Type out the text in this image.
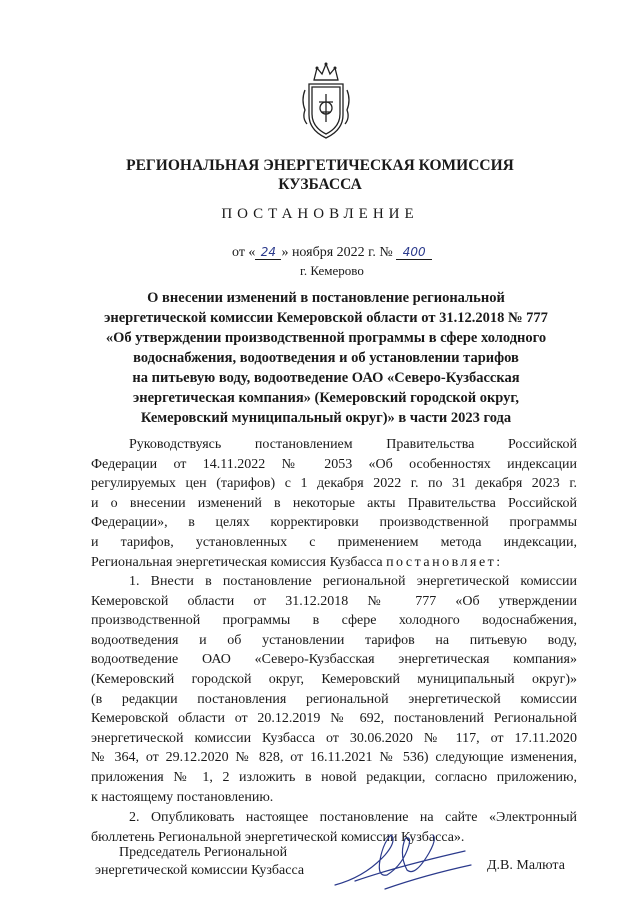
РЕГИОНАЛЬНАЯ ЭНЕРГЕТИЧЕСКАЯ КОМИССИЯ
КУЗБАССА
ПОСТАНОВЛЕНИЕ
от « 24 » ноября 2022 г. № 400
г. Кемерово
О внесении изменений в постановление региональной
энергетической комиссии Кемеровской области от 31.12.2018 № 777
«Об утверждении производственной программы в сфере холодного
водоснабжения, водоотведения и об установлении тарифов
на питьевую воду, водоотведение ОАО «Северо-Кузбасская
энергетическая компания» (Кемеровский городской округ,
Кемеровский муниципальный округ)» в части 2023 года
Руководствуясь постановлением Правительства Российской
Федерации от 14.11.2022 № 2053 «Об особенностях индексации
регулируемых цен (тарифов) с 1 декабря 2022 г. по 31 декабря 2023 г.
и о внесении изменений в некоторые акты Правительства Российской
Федерации», в целях корректировки производственной программы
и тарифов, установленных с применением метода индексации,
Региональная энергетическая комиссия Кузбасса постановляет:
1. Внести в постановление региональной энергетической комиссии
Кемеровской области от 31.12.2018 № 777 «Об утверждении
производственной программы в сфере холодного водоснабжения,
водоотведения и об установлении тарифов на питьевую воду,
водоотведение ОАО «Северо-Кузбасская энергетическая компания»
(Кемеровский городской округ, Кемеровский муниципальный округ)»
(в редакции постановления региональной энергетической комиссии
Кемеровской области от 20.12.2019 № 692, постановлений Региональной
энергетической комиссии Кузбасса от 30.06.2020 № 117, от 17.11.2020
№ 364, от 29.12.2020 № 828, от 16.11.2021 № 536) следующие изменения,
приложения № 1, 2 изложить в новой редакции, согласно приложению,
к настоящему постановлению.
2. Опубликовать настоящее постановление на сайте «Электронный
бюллетень Региональной энергетической комиссии Кузбасса».
Председатель Региональной
энергетической комиссии Кузбасса	Д.В. Малюта
